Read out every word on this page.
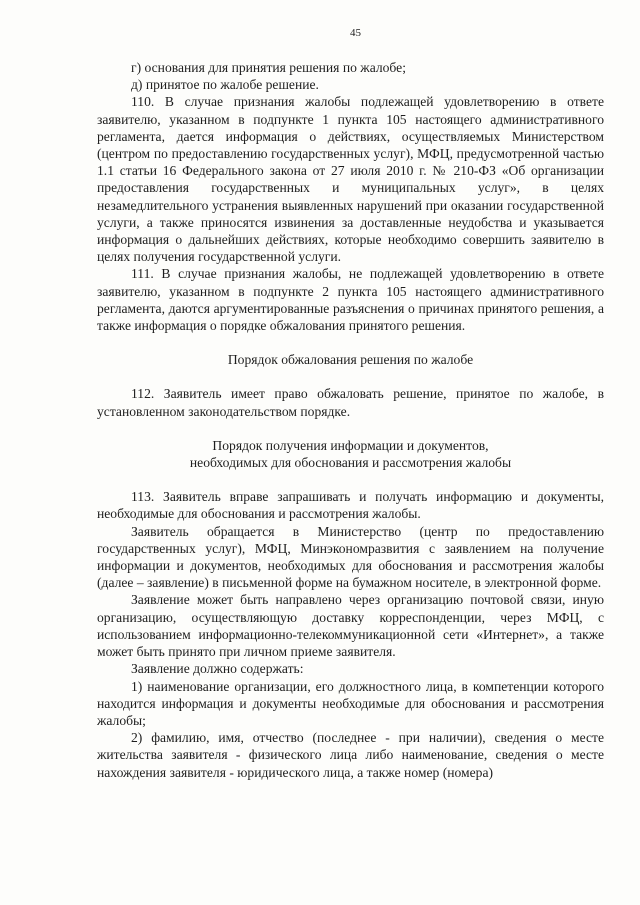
45

г) основания для принятия решения по жалобе;

д) принятое по жалобе решение.

110. В случае признания жалобы подлежащей удовлетворению в ответе заявителю, указанном в подпункте 1 пункта 105 настоящего административного регламента, дается информация о действиях, осуществляемых Министерством (центром по предоставлению государственных услуг), МФЦ, предусмотренной частью 1.1 статьи 16 Федерального закона от 27 июля 2010 г. № 210-ФЗ «Об организации предоставления государственных и муниципальных услуг», в целях незамедлительного устранения выявленных нарушений при оказании государственной услуги, а также приносятся извинения за доставленные неудобства и указывается информация о дальнейших действиях, которые необходимо совершить заявителю в целях получения государственной услуги.

111. В случае признания жалобы, не подлежащей удовлетворению в ответе заявителю, указанном в подпункте 2 пункта 105 настоящего административного регламента, даются аргументированные разъяснения о причинах принятого решения, а также информация о порядке обжалования принятого решения.

Порядок обжалования решения по жалобе

112. Заявитель имеет право обжаловать решение, принятое по жалобе, в установленном законодательством порядке.

Порядок получения информации и документов,

необходимых для обоснования и рассмотрения жалобы

113. Заявитель вправе запрашивать и получать информацию и документы, необходимые для обоснования и рассмотрения жалобы.

Заявитель обращается в Министерство (центр по предоставлению государственных услуг), МФЦ, Минэкономразвития с заявлением на получение информации и документов, необходимых для обоснования и рассмотрения жалобы (далее – заявление) в письменной форме на бумажном носителе, в электронной форме.

Заявление может быть направлено через организацию почтовой связи, иную организацию, осуществляющую доставку корреспонденции, через МФЦ, с использованием информационно-телекоммуникационной сети «Интернет», а также может быть принято при личном приеме заявителя.

Заявление должно содержать:

1) наименование организации, его должностного лица, в компетенции которого находится информация и документы необходимые для обоснования и рассмотрения жалобы;

2) фамилию, имя, отчество (последнее - при наличии), сведения о месте жительства заявителя - физического лица либо наименование, сведения о месте нахождения заявителя - юридического лица, а также номер (номера)
